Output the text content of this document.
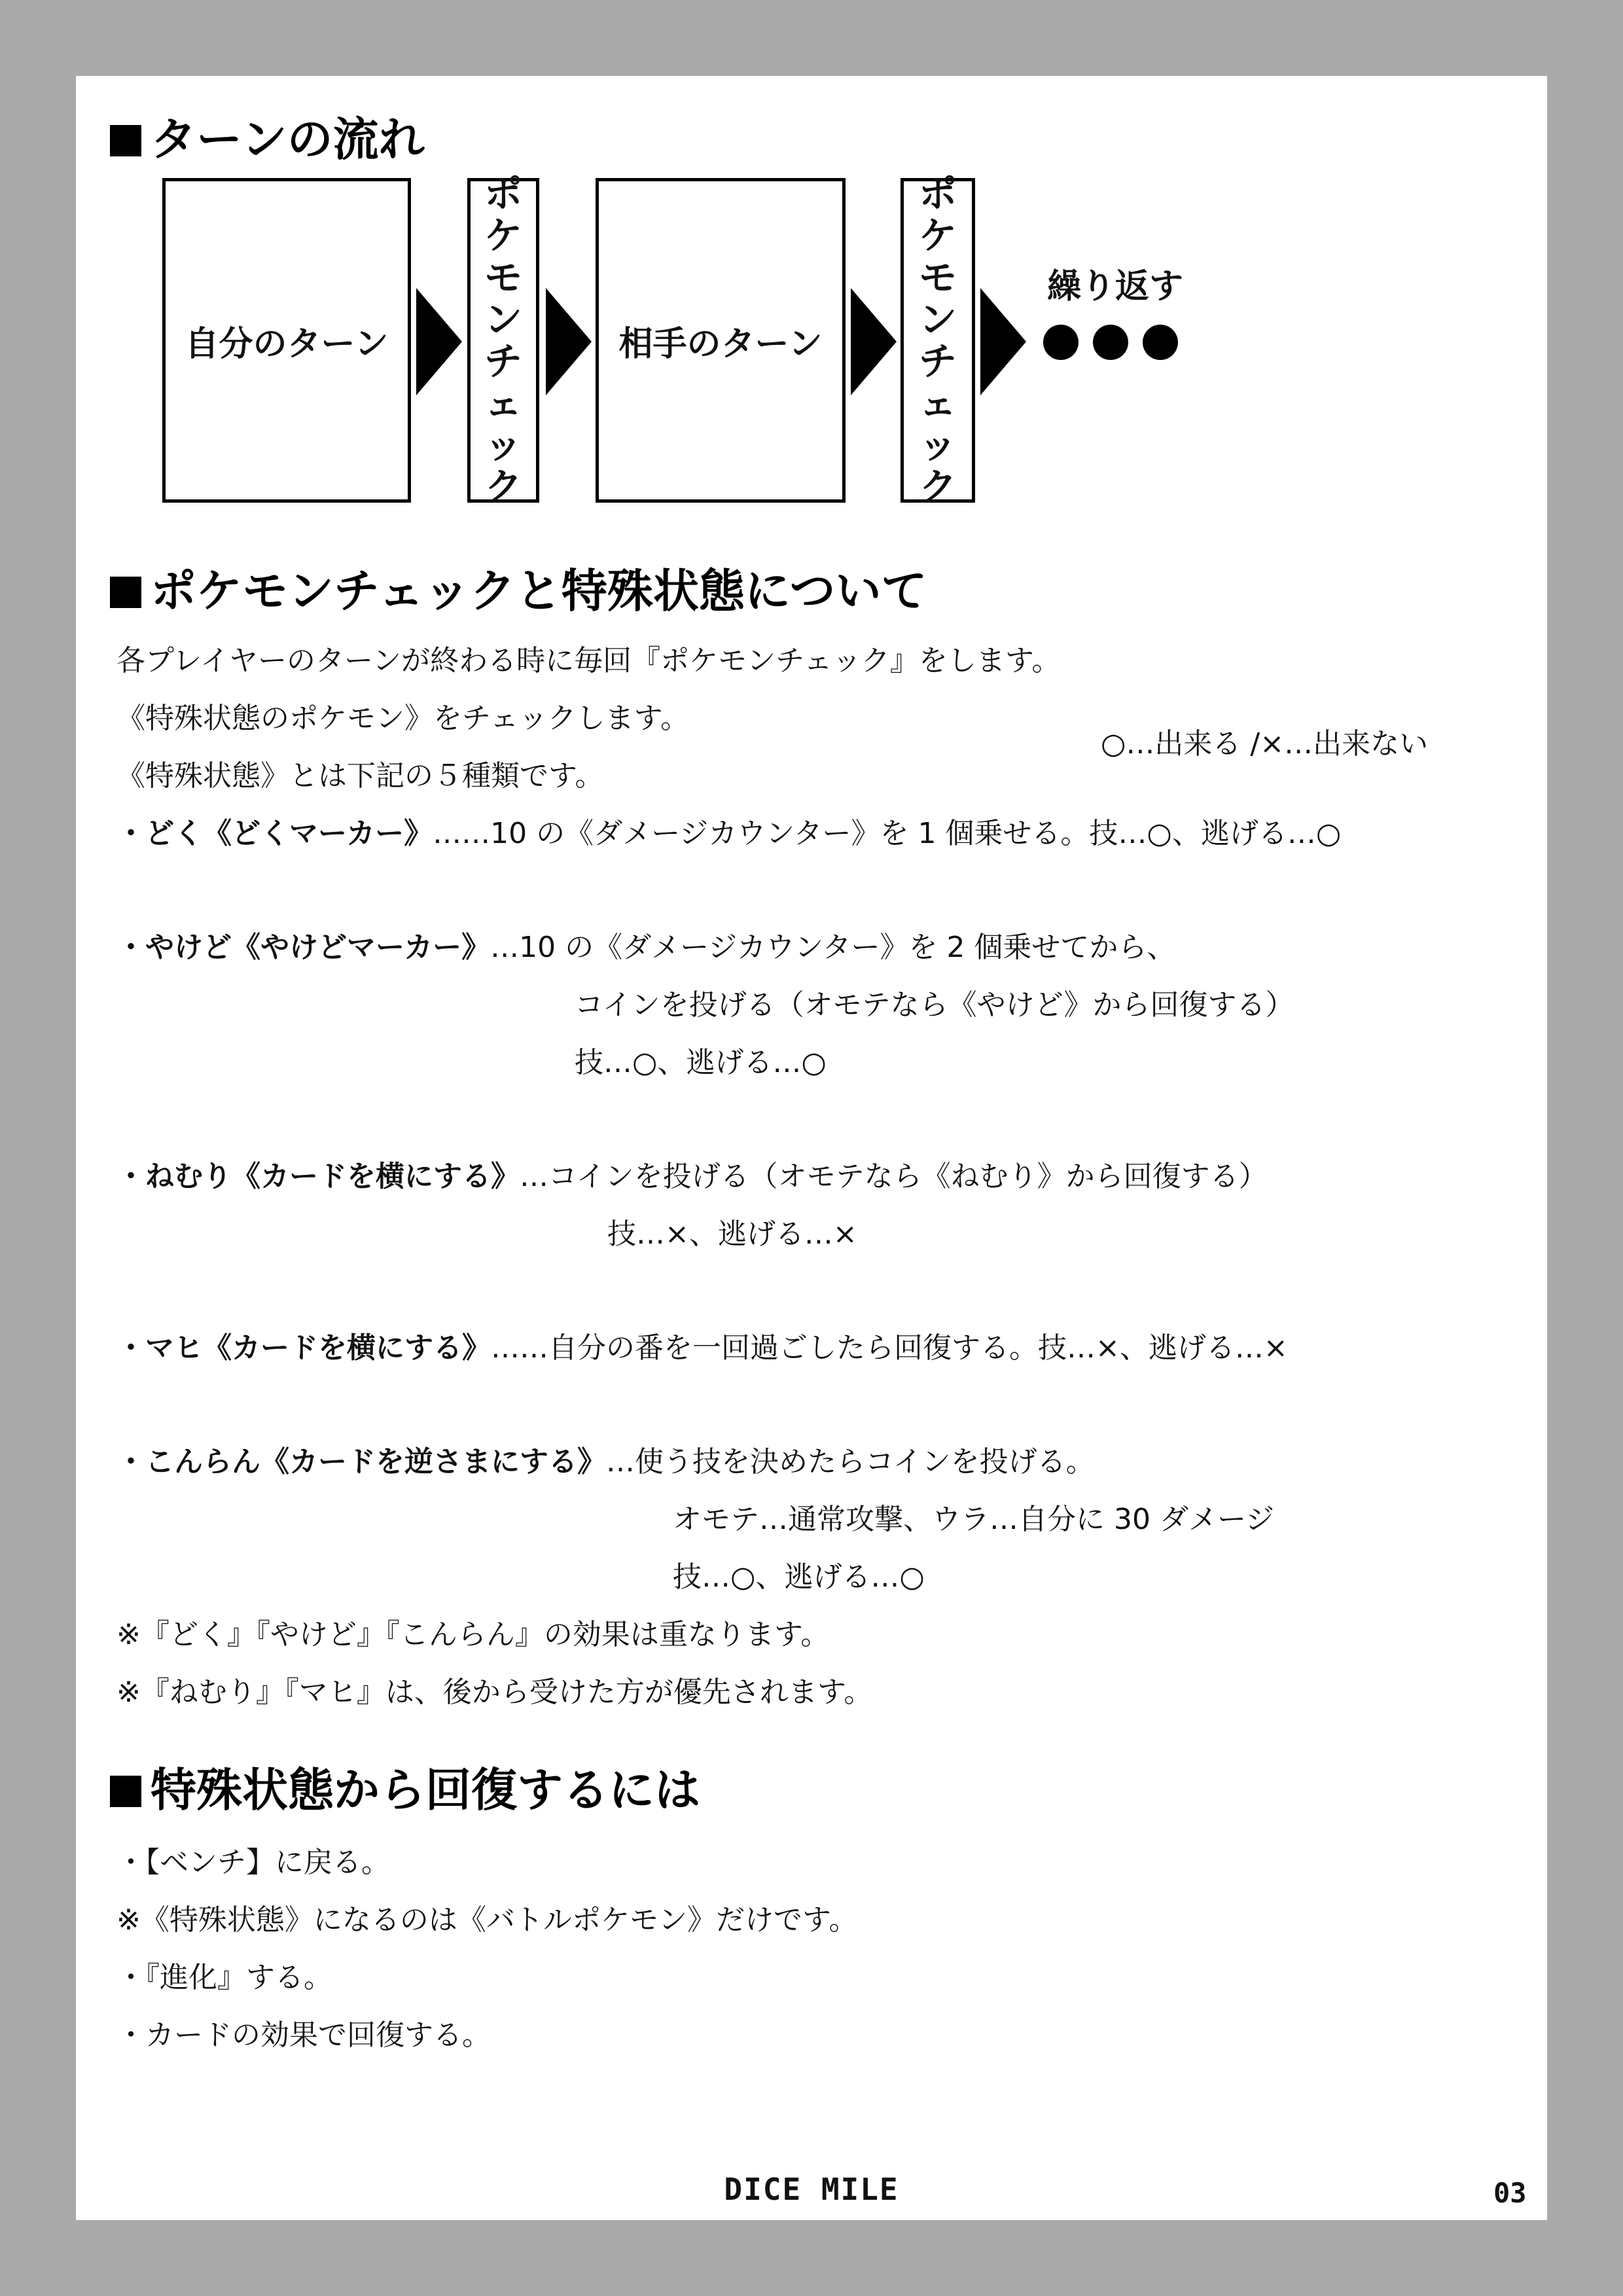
ターンの流れ
自分のターン
ポ
ケ
モ
ン
チ
ェ
ッ
ク
相手のターン
ポ
ケ
モ
ン
チ
ェ
ッ
ク
繰り返す
ポケモンチェックと特殊状態について
各プレイヤーのターンが終わる時に毎回『ポケモンチェック』をします。
《特殊状態のポケモン》をチェックします。
○…出来る /×…出来ない
《特殊状態》とは下記の５種類です。
・どく《どくマーカー》……10 の《ダメージカウンター》を 1 個乗せる。技…○、逃げる…○
・やけど《やけどマーカー》…10 の《ダメージカウンター》を 2 個乗せてから、
コインを投げる（オモテなら《やけど》から回復する）
技…○、逃げる…○
・ねむり《カードを横にする》…コインを投げる（オモテなら《ねむり》から回復する）
技…×、逃げる…×
・マヒ《カードを横にする》……自分の番を一回過ごしたら回復する。技…×、逃げる…×
・こんらん《カードを逆さまにする》…使う技を決めたらコインを投げる。
オモテ…通常攻撃、ウラ…自分に 30 ダメージ
技…○、逃げる…○
※『どく』『やけど』『こんらん』の効果は重なります。
※『ねむり』『マヒ』は、後から受けた方が優先されます。
特殊状態から回復するには
・【ベンチ】に戻る。
※《特殊状態》になるのは《バトルポケモン》だけです。
・『進化』する。
・カードの効果で回復する。
DICE MILE	03
